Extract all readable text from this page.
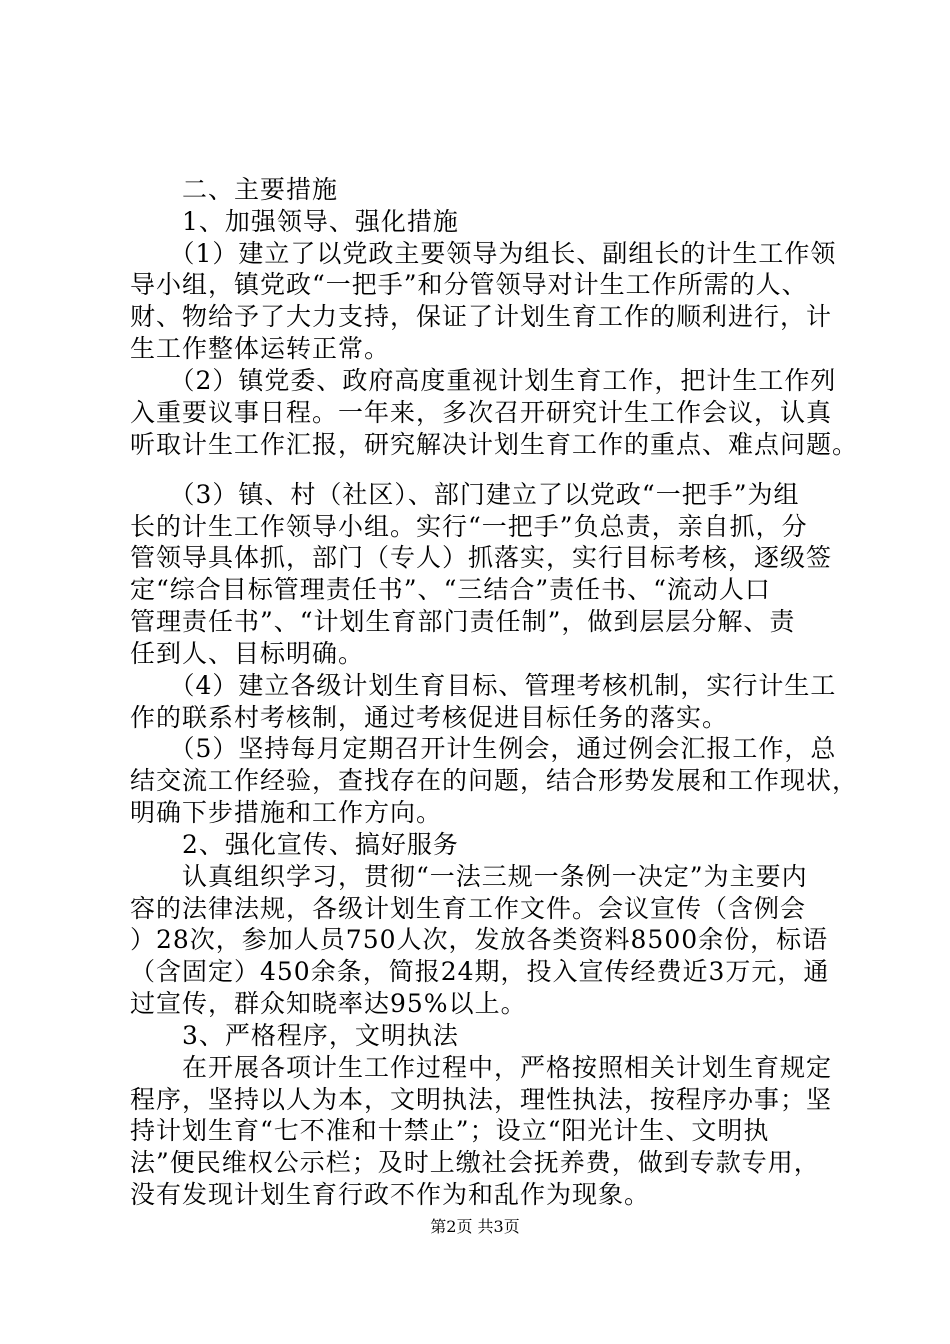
　　二、主要措施
　　1、加强领导、强化措施
　　（1）建立了以党政主要领导为组长、副组长的计生工作领
导小组，镇党政“一把手”和分管领导对计生工作所需的人、
财、物给予了大力支持，保证了计划生育工作的顺利进行，计
生工作整体运转正常。
　　（2）镇党委、政府高度重视计划生育工作，把计生工作列
入重要议事日程。一年来，多次召开研究计生工作会议，认真
听取计生工作汇报，研究解决计划生育工作的重点、难点问题。
　　（3）镇、村（社区）、部门建立了以党政“一把手”为组
长的计生工作领导小组。实行“一把手”负总责，亲自抓，分
管领导具体抓，部门（专人）抓落实，实行目标考核，逐级签
定“综合目标管理责任书”、“三结合”责任书、“流动人口
管理责任书”、“计划生育部门责任制”，做到层层分解、责
任到人、目标明确。
　　（4）建立各级计划生育目标、管理考核机制，实行计生工
作的联系村考核制，通过考核促进目标任务的落实。
　　（5）坚持每月定期召开计生例会，通过例会汇报工作，总
结交流工作经验，查找存在的问题，结合形势发展和工作现状，
明确下步措施和工作方向。
　　2、强化宣传、搞好服务
　　认真组织学习，贯彻“一法三规一条例一决定”为主要内
容的法律法规，各级计划生育工作文件。会议宣传（含例会
）28次，参加人员750人次，发放各类资料8500余份，标语
（含固定）450余条，简报24期，投入宣传经费近3万元，通
过宣传，群众知晓率达95%以上。
　　3、严格程序，文明执法
　　在开展各项计生工作过程中，严格按照相关计划生育规定
程序，坚持以人为本，文明执法，理性执法，按程序办事；坚
持计划生育“七不准和十禁止”；设立“阳光计生、文明执
法”便民维权公示栏；及时上缴社会抚养费，做到专款专用，
没有发现计划生育行政不作为和乱作为现象。
第2页 共3页
